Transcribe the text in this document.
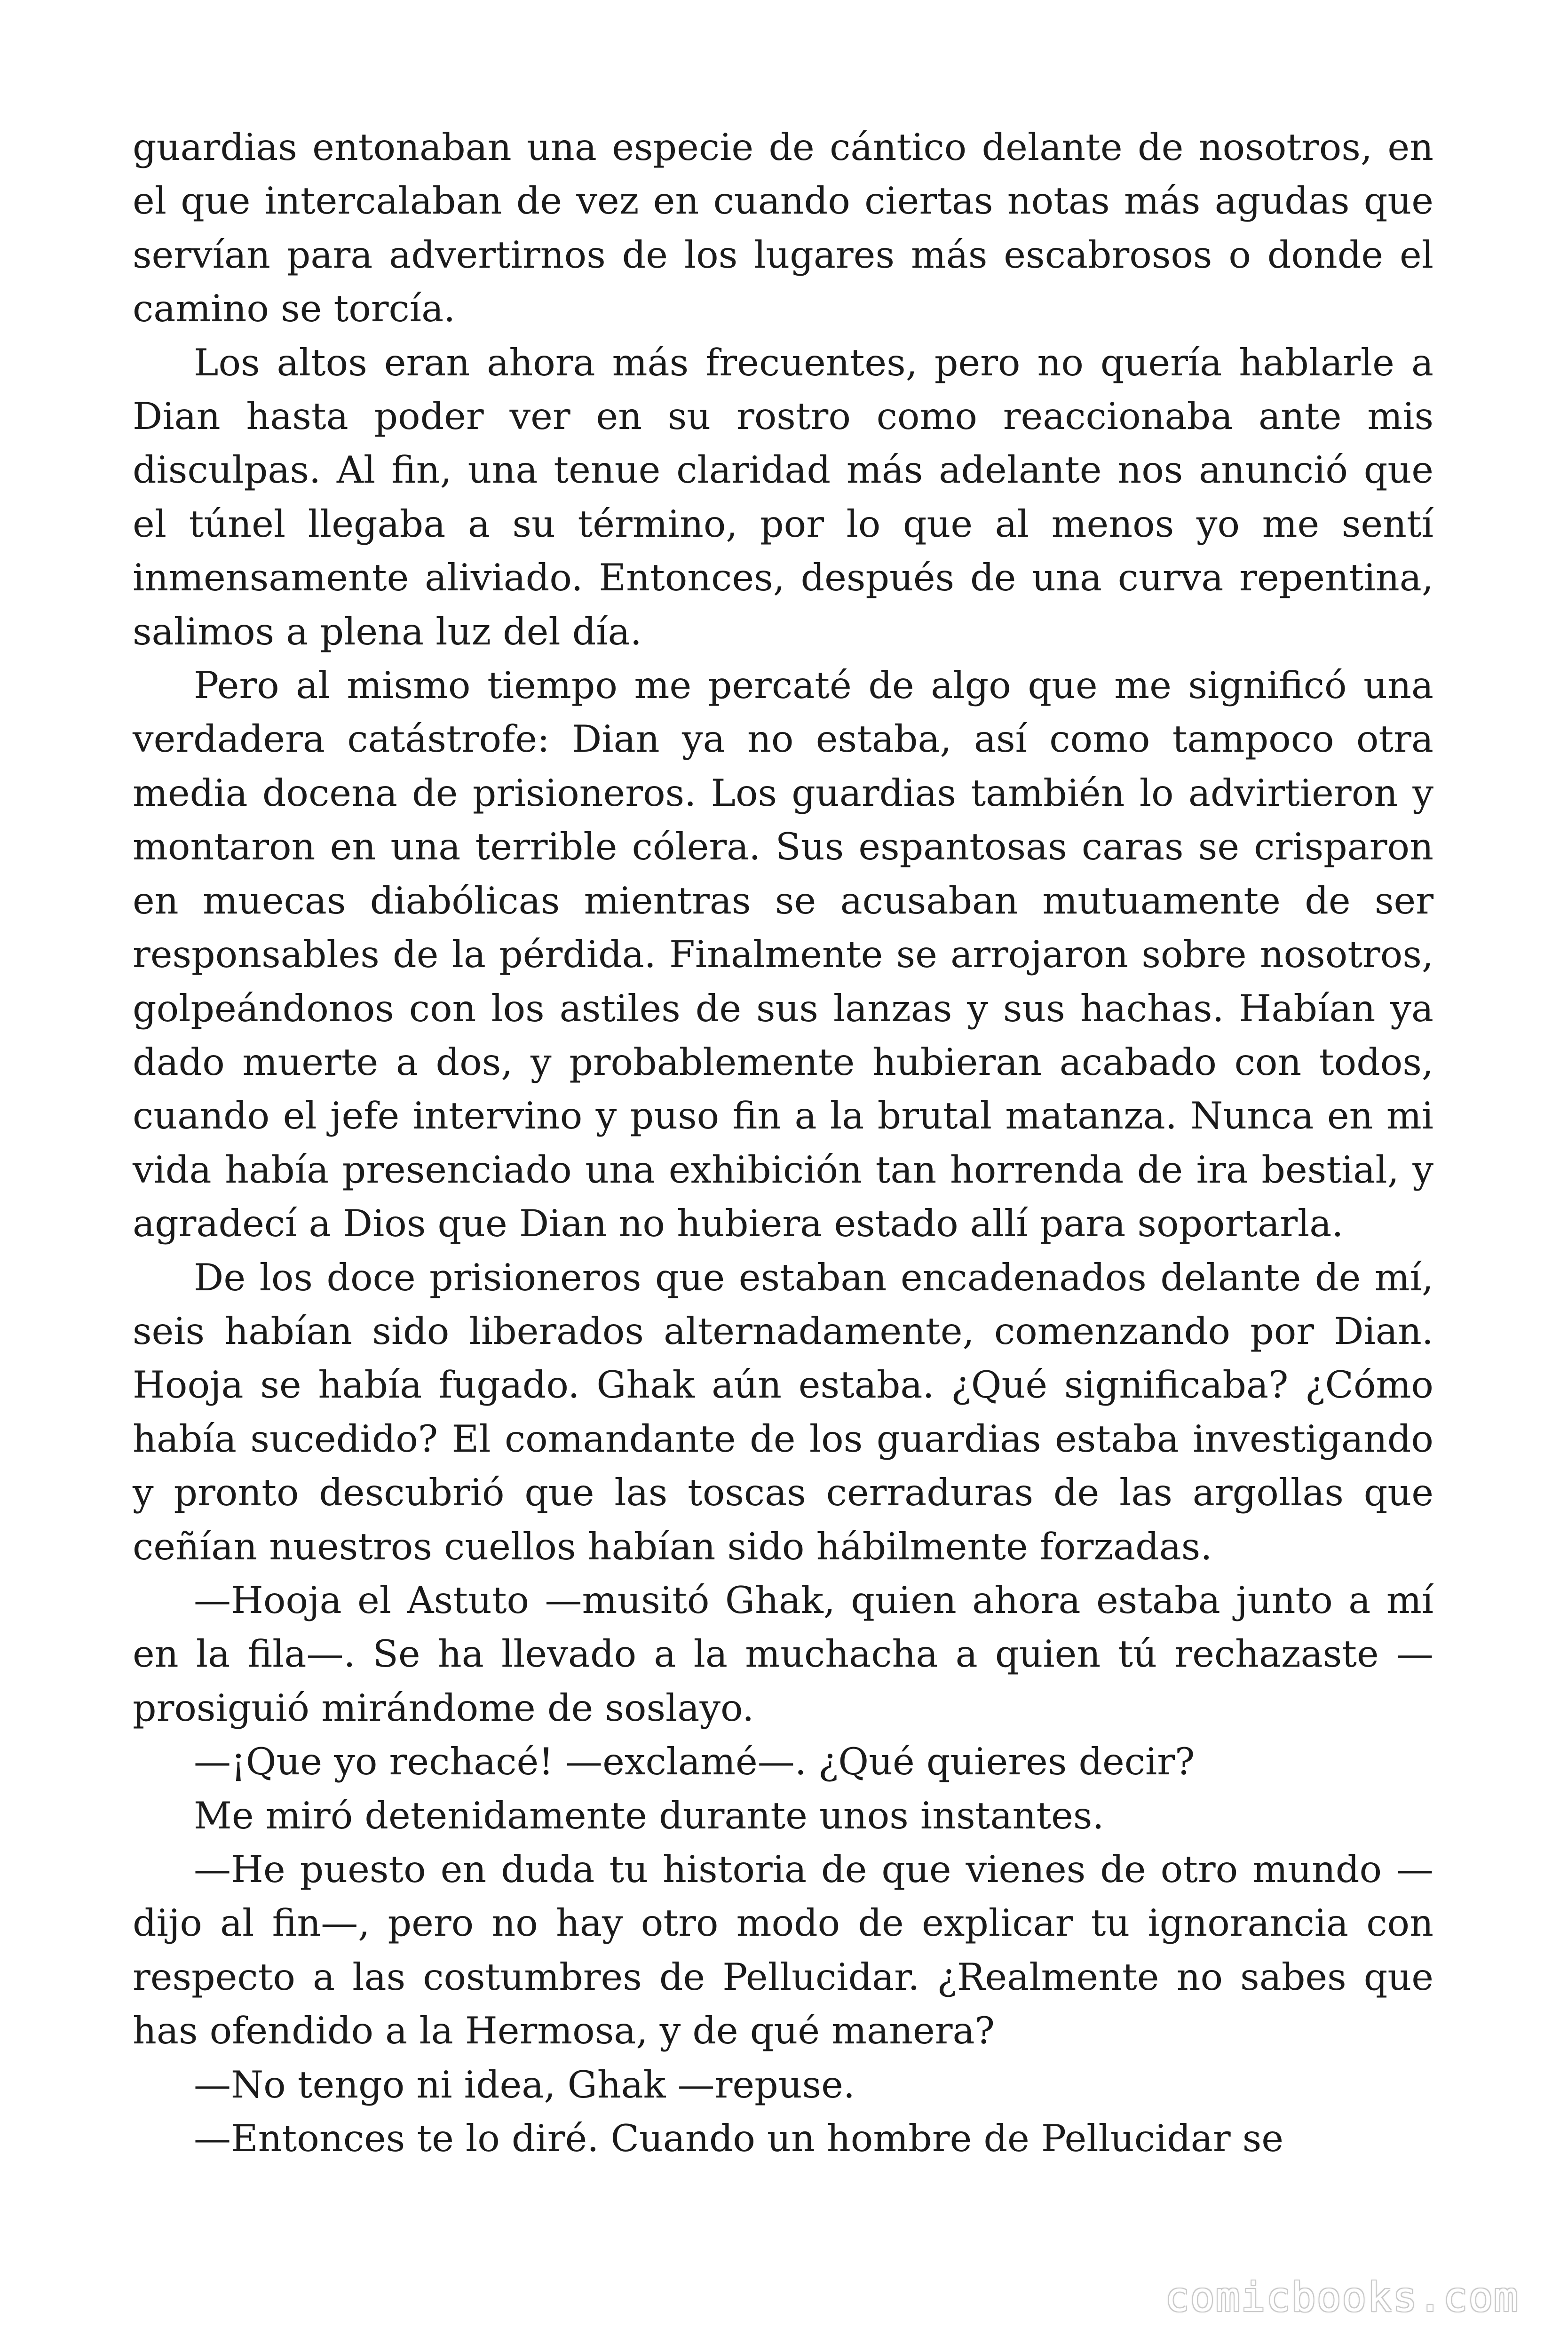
guardias entonaban una especie de cántico delante de nosotros, en el que intercalaban de vez en cuando ciertas notas más agudas que servían para advertirnos de los lugares más escabrosos o donde el camino se torcía.

Los altos eran ahora más frecuentes, pero no quería hablarle a Dian hasta poder ver en su rostro como reaccionaba ante mis disculpas. Al fin, una tenue claridad más adelante nos anunció que el túnel llegaba a su término, por lo que al menos yo me sentí inmensamente aliviado. Entonces, después de una curva repentina, salimos a plena luz del día.

Pero al mismo tiempo me percaté de algo que me significó una verdadera catástrofe: Dian ya no estaba, así como tampoco otra media docena de prisioneros. Los guardias también lo advirtieron y montaron en una terrible cólera. Sus espantosas caras se crisparon en muecas diabólicas mientras se acusaban mutuamente de ser responsables de la pérdida. Finalmente se arrojaron sobre nosotros, golpeándonos con los astiles de sus lanzas y sus hachas. Habían ya dado muerte a dos, y probablemente hubieran acabado con todos, cuando el jefe intervino y puso fin a la brutal matanza. Nunca en mi vida había presenciado una exhibición tan horrenda de ira bestial, y agradecí a Dios que Dian no hubiera estado allí para soportarla.

De los doce prisioneros que estaban encadenados delante de mí, seis habían sido liberados alternadamente, comenzando por Dian. Hooja se había fugado. Ghak aún estaba. ¿Qué significaba? ¿Cómo había sucedido? El comandante de los guardias estaba investigando y pronto descubrió que las toscas cerraduras de las argollas que ceñían nuestros cuellos habían sido hábilmente forzadas.

—Hooja el Astuto —musitó Ghak, quien ahora estaba junto a mí en la fila—. Se ha llevado a la muchacha a quien tú rechazaste —prosiguió mirándome de soslayo.

—¡Que yo rechacé! —exclamé—. ¿Qué quieres decir?

Me miró detenidamente durante unos instantes.

—He puesto en duda tu historia de que vienes de otro mundo —dijo al fin—, pero no hay otro modo de explicar tu ignorancia con respecto a las costumbres de Pellucidar. ¿Realmente no sabes que has ofendido a la Hermosa, y de qué manera?

—No tengo ni idea, Ghak —repuse.

—Entonces te lo diré. Cuando un hombre de Pellucidar se

comicbooks.com
